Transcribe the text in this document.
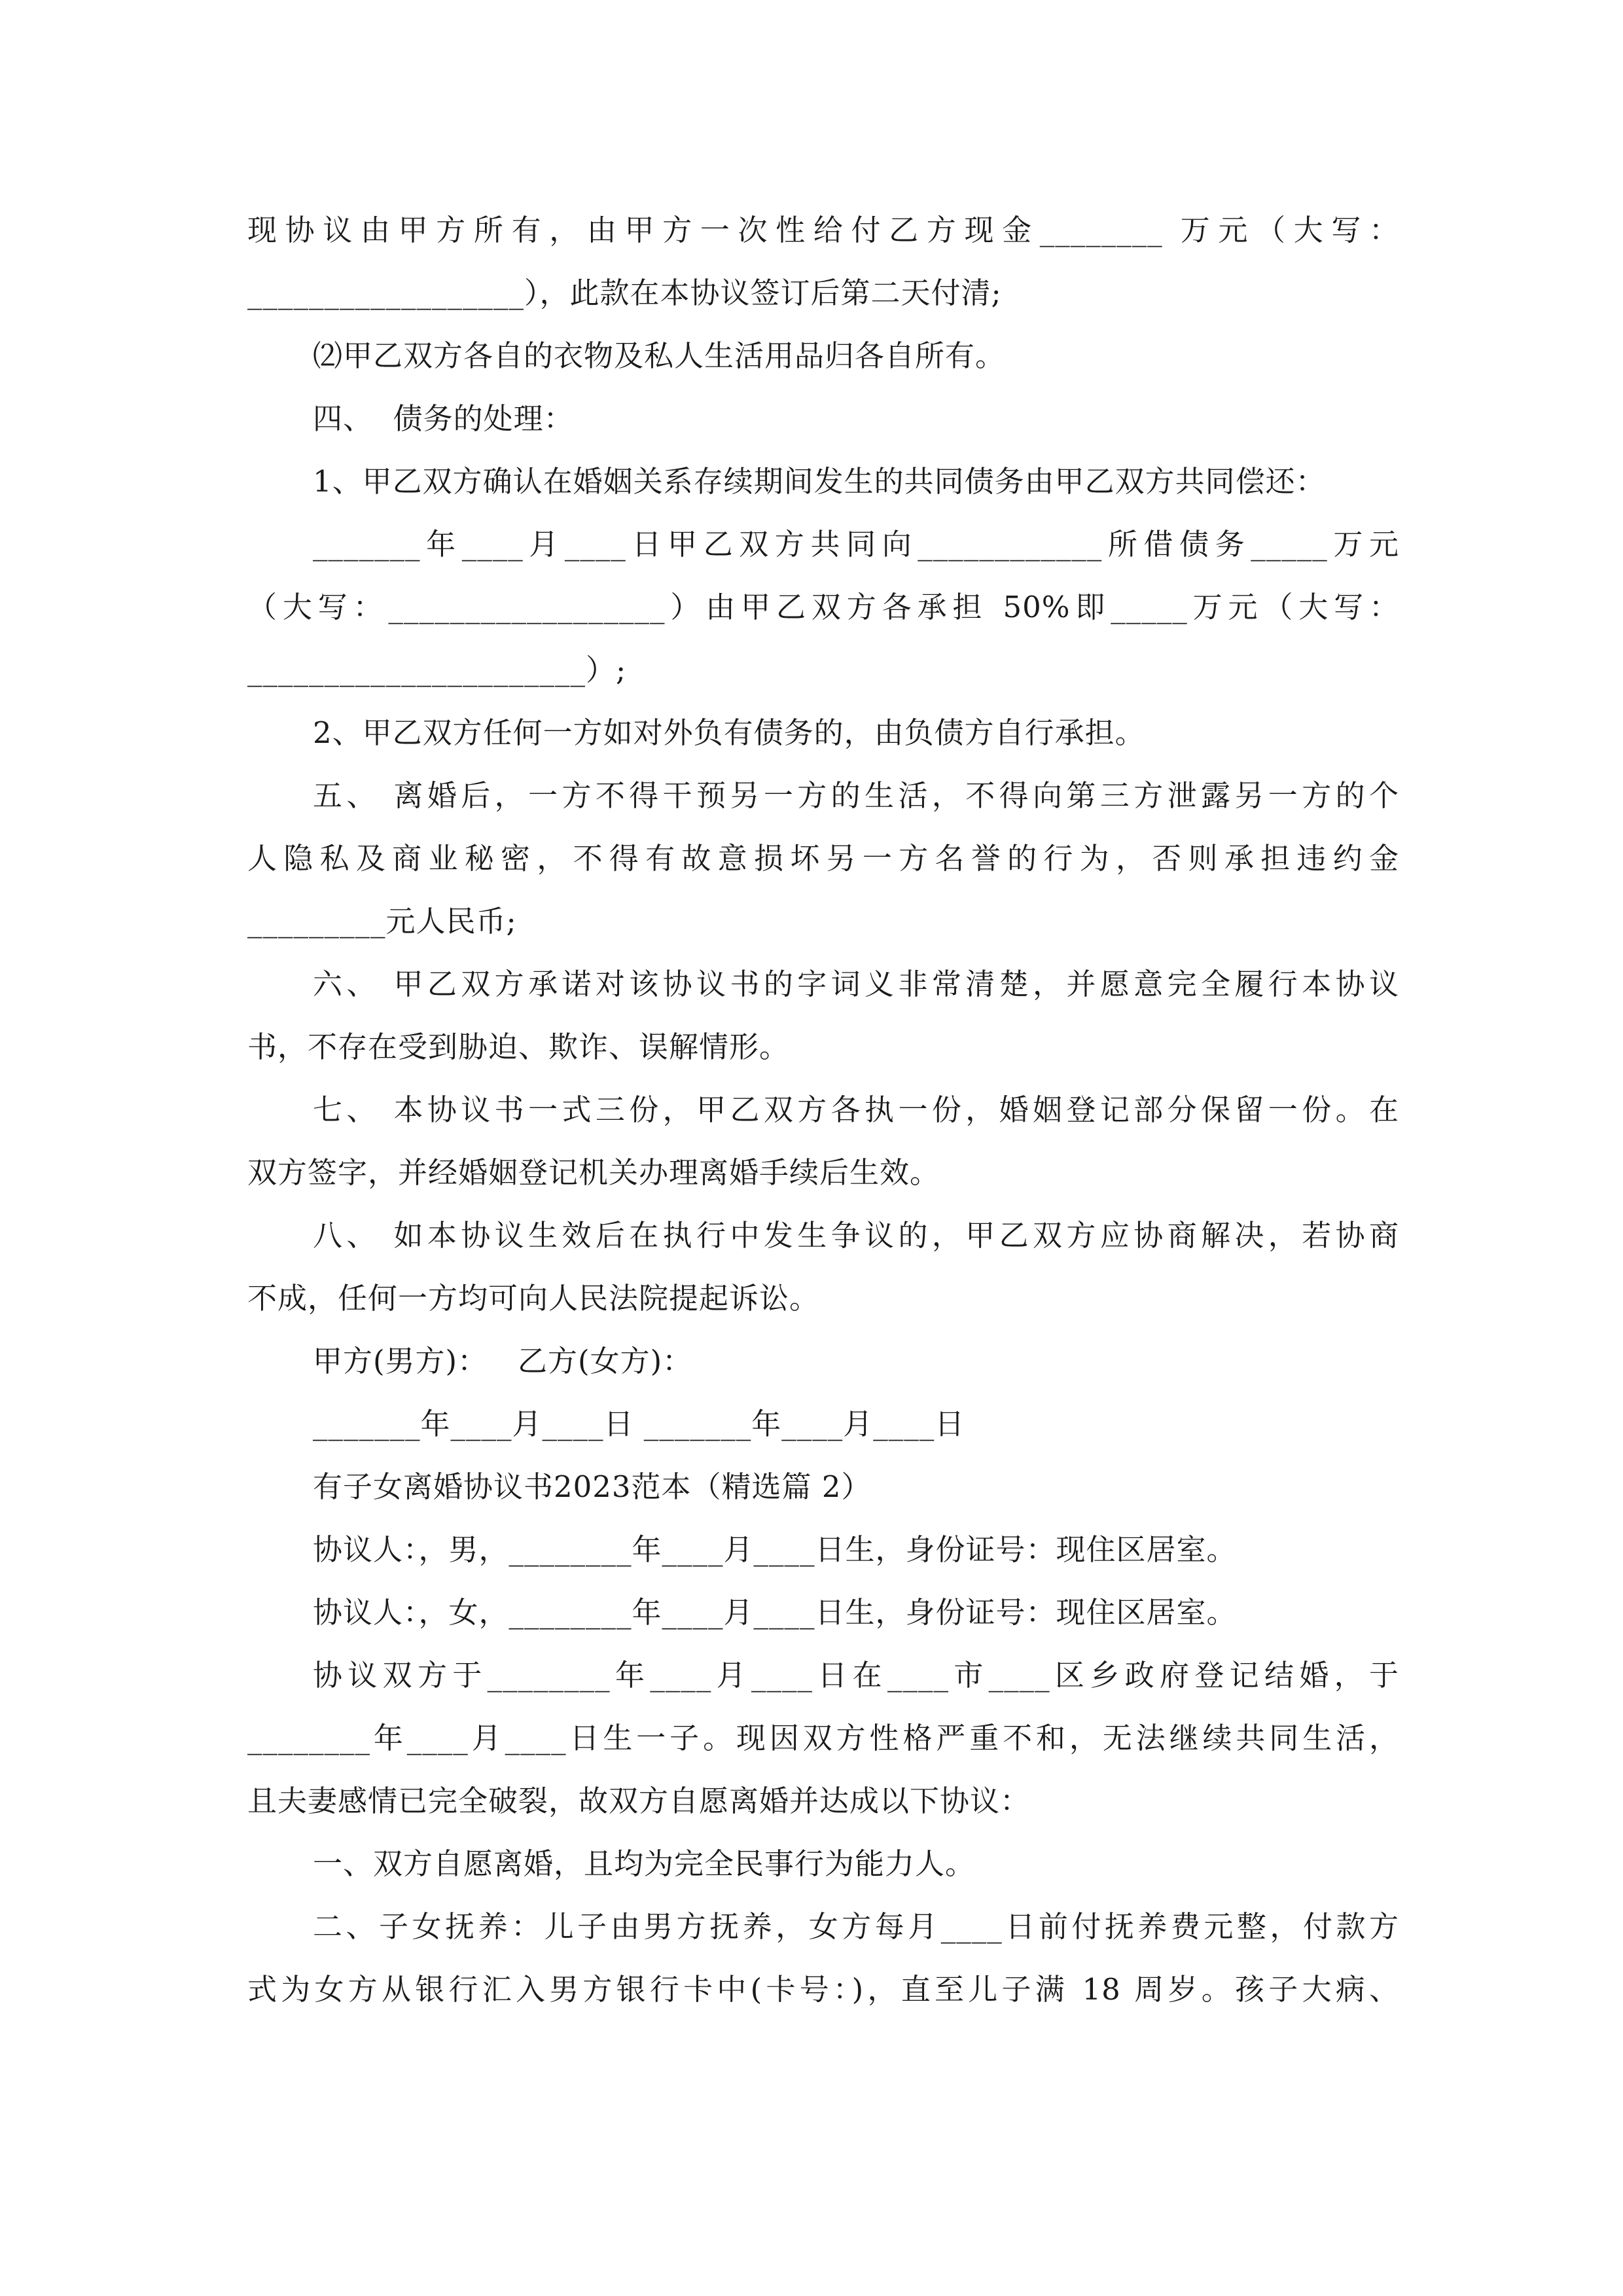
现协议由甲方所有，由甲方一次性给付乙方现金________ 万元（大写：
__________________），此款在本协议签订后第二天付清;
⑵甲乙双方各自的衣物及私人生活用品归各自所有。
四、  债务的处理：
1、甲乙双方确认在婚姻关系存续期间发生的共同债务由甲乙双方共同偿还：
_______年____月____日甲乙双方共同向____________所借债务_____万元
（大写：__________________）由甲乙双方各承担 50%即_____万元（大写：
______________________）;
2、甲乙双方任何一方如对外负有债务的，由负债方自行承担。
五、 离婚后，一方不得干预另一方的生活，不得向第三方泄露另一方的个
人隐私及商业秘密，不得有故意损坏另一方名誉的行为，否则承担违约金
_________元人民币;
六、 甲乙双方承诺对该协议书的字词义非常清楚，并愿意完全履行本协议
书，不存在受到胁迫、欺诈、误解情形。
七、 本协议书一式三份，甲乙双方各执一份，婚姻登记部分保留一份。在
双方签字，并经婚姻登记机关办理离婚手续后生效。
八、 如本协议生效后在执行中发生争议的，甲乙双方应协商解决，若协商
不成，任何一方均可向人民法院提起诉讼。
甲方(男方)：   乙方(女方)：
_______年____月____日 _______年____月____日
有子女离婚协议书2023范本（精选篇 2）
协议人：，男，________年____月____日生，身份证号：现住区居室。
协议人：，女，________年____月____日生，身份证号：现住区居室。
协议双方于________年____月____日在____市____区乡政府登记结婚，于
________年____月____日生一子。现因双方性格严重不和，无法继续共同生活，
且夫妻感情已完全破裂，故双方自愿离婚并达成以下协议：
一、双方自愿离婚，且均为完全民事行为能力人。
二、子女抚养：儿子由男方抚养，女方每月____日前付抚养费元整，付款方
式为女方从银行汇入男方银行卡中(卡号：)，直至儿子满 18 周岁。孩子大病、
